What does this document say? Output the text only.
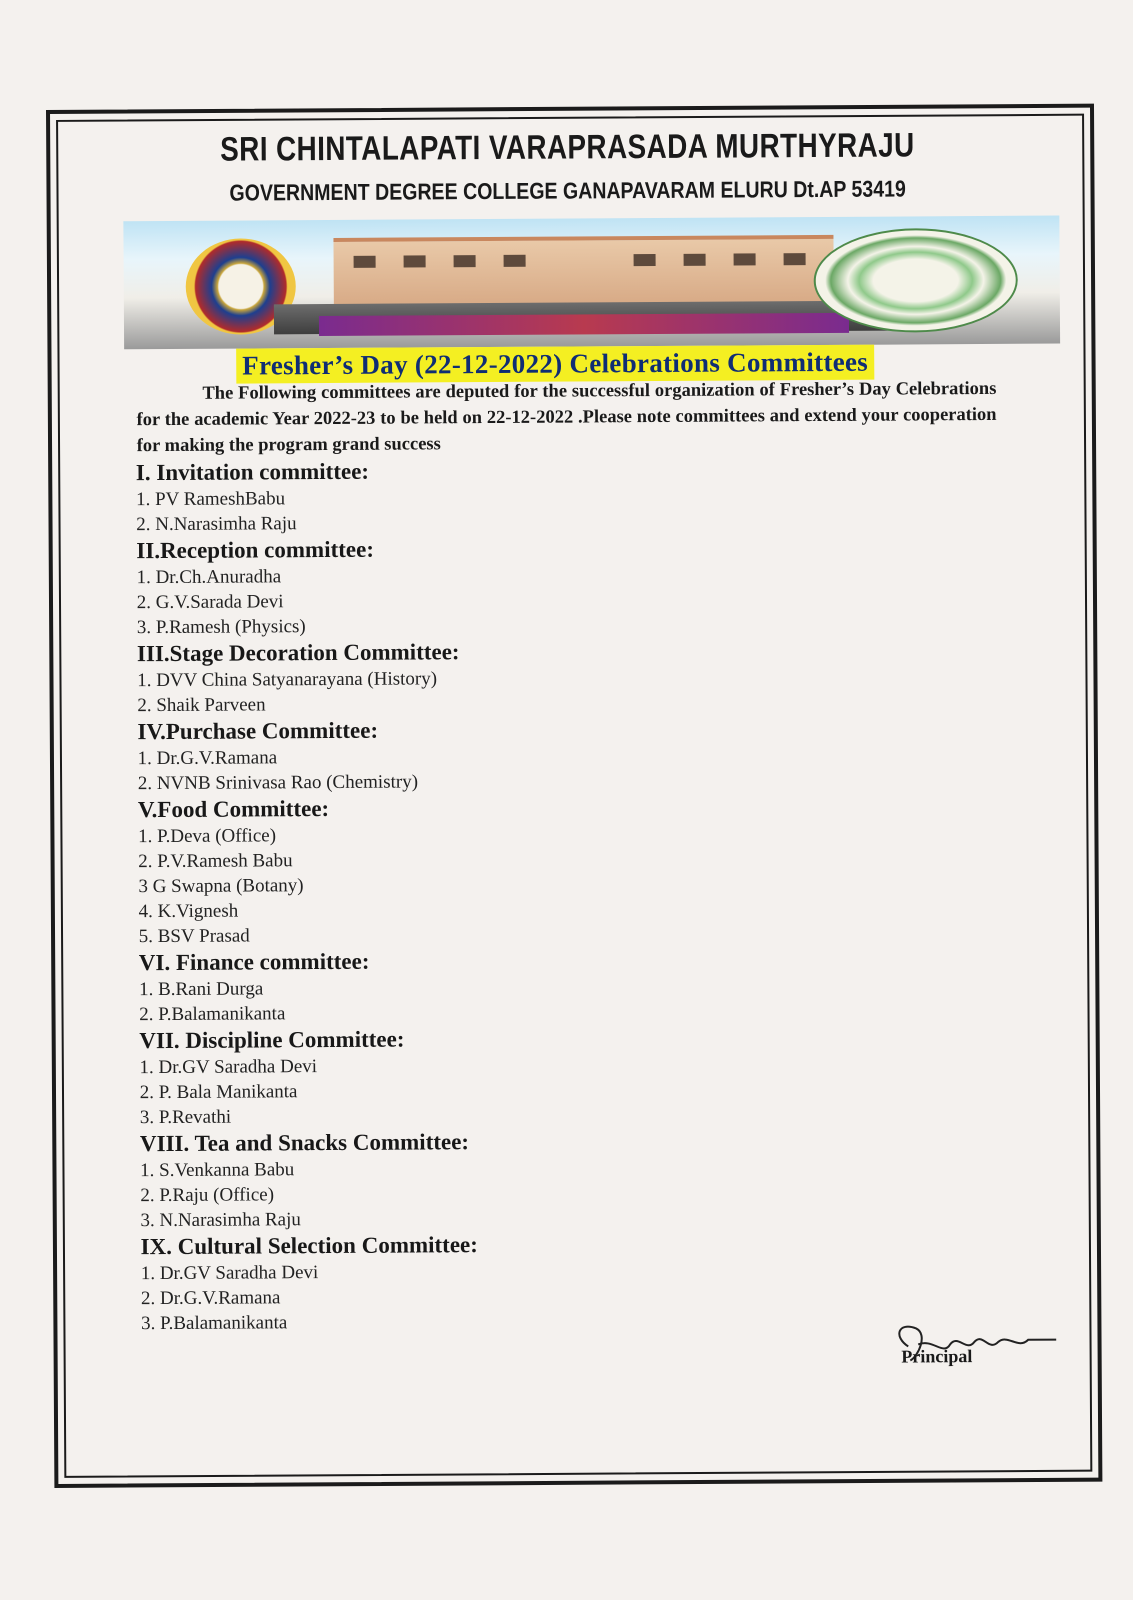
SRI CHINTALAPATI VARAPRASADA MURTHYRAJU
GOVERNMENT DEGREE COLLEGE GANAPAVARAM ELURU Dt.AP 53419
Fresher’s Day (22-12-2022) Celebrations Committees

The Following committees are deputed for the successful organization of Fresher’s Day Celebrations for the academic Year 2022-23 to be held on 22-12-2022 .Please note committees and extend your cooperation for making the program grand success

I. Invitation committee:
1. PV RameshBabu
2. N.Narasimha Raju
II.Reception committee:
1. Dr.Ch.Anuradha
2. G.V.Sarada Devi
3. P.Ramesh (Physics)
III.Stage Decoration Committee:
1. DVV China Satyanarayana (History)
2. Shaik Parveen
IV.Purchase Committee:
1. Dr.G.V.Ramana
2. NVNB Srinivasa Rao (Chemistry)
V.Food Committee:
1. P.Deva (Office)
2. P.V.Ramesh Babu
3 G Swapna (Botany)
4. K.Vignesh
5. BSV Prasad
VI. Finance committee:
1. B.Rani Durga
2. P.Balamanikanta
VII. Discipline Committee:
1. Dr.GV Saradha Devi
2. P. Bala Manikanta
3. P.Revathi
VIII. Tea and Snacks Committee:
1. S.Venkanna Babu
2. P.Raju (Office)
3. N.Narasimha Raju
IX. Cultural Selection Committee:
1. Dr.GV Saradha Devi
2. Dr.G.V.Ramana
3. P.Balamanikanta
Principal
